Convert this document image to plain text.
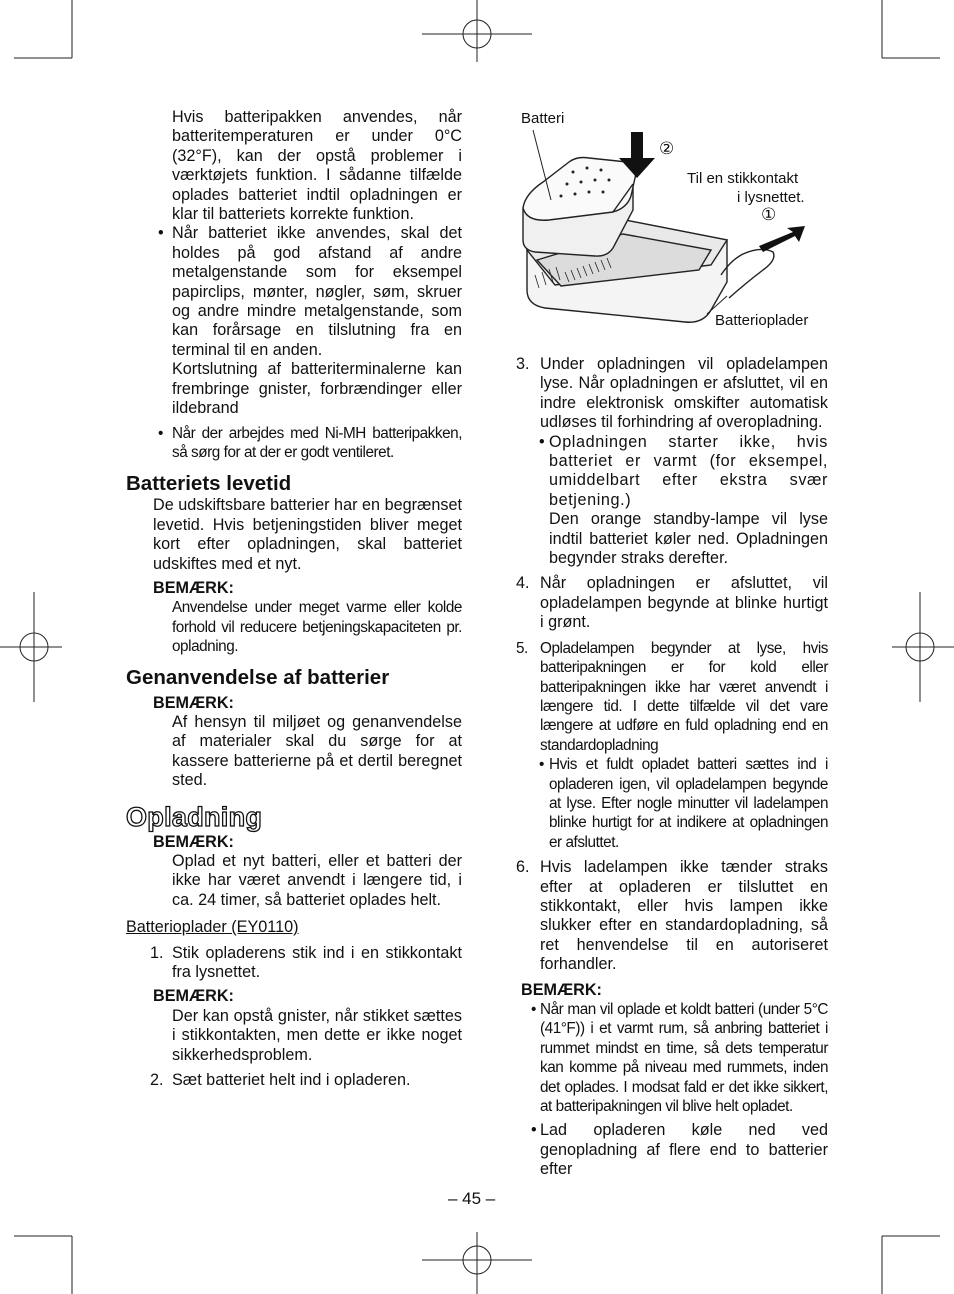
Hvis batteripakken anvendes, når batteritemperaturen er under 0°C (32°F), kan der opstå problemer i værktøjets funktion. I sådanne tilfælde oplades batteriet indtil opladningen er klar til batteriets korrekte funktion.

• Når batteriet ikke anvendes, skal det holdes på god afstand af andre metalgenstande som for eksempel papirclips, mønter, nøgler, søm, skruer og andre mindre metalgenstande, som kan forårsage en tilslutning fra en terminal til en anden.

Kortslutning af batteriterminalerne kan frembringe gnister, forbrændinger eller ildebrand

• Når der arbejdes med Ni-MH batteripakken, så sørg for at der er godt ventileret.

Batteriets levetid

De udskiftsbare batterier har en begrænset levetid. Hvis betjeningstiden bliver meget kort efter opladningen, skal batteriet udskiftes med et nyt.

BEMÆRK:

Anvendelse under meget varme eller kolde forhold vil reducere betjeningskapaciteten pr. opladning.

Genanvendelse af batterier
BEMÆRK:

Af hensyn til miljøet og genanvendelse af materialer skal du sørge for at kassere batterierne på et dertil beregnet sted.

Opladning
BEMÆRK:

Oplad et nyt batteri, eller et batteri der ikke har været anvendt i længere tid, i ca. 24 timer, så batteriet oplades helt.

Batterioplader (EY0110)

1. Stik opladerens stik ind i en stikkontakt fra lysnettet.

BEMÆRK:

Der kan opstå gnister, når stikket sættes i stikkontakten, men dette er ikke noget sikkerhedsproblem.

2. Sæt batteriet helt ind i opladeren.

Batteri
②
Til en stikkontakt
i lysnettet.
①
Batterioplader

3. Under opladningen vil opladelampen lyse. Når opladningen er afsluttet, vil en indre elektronisk omskifter automatisk udløses til forhindring af overopladning.

• Opladningen starter ikke, hvis batteriet er varmt (for eksempel, umiddelbart efter ekstra svær betjening.)

Den orange standby-lampe vil lyse indtil batteriet køler ned. Opladningen begynder straks derefter.

4. Når opladningen er afsluttet, vil opladelampen begynde at blinke hurtigt i grønt.

5. Opladelampen begynder at lyse, hvis batteripakningen er for kold eller batteripakningen ikke har været anvendt i længere tid. I dette tilfælde vil det vare længere at udføre en fuld opladning end en standardopladning

• Hvis et fuldt opladet batteri sættes ind i opladeren igen, vil opladelampen begynde at lyse. Efter nogle minutter vil ladelampen blinke hurtigt for at indikere at opladningen er afsluttet.

6. Hvis ladelampen ikke tænder straks efter at opladeren er tilsluttet en stikkontakt, eller hvis lampen ikke slukker efter en standardopladning, så ret henvendelse til en autoriseret forhandler.

BEMÆRK:

• Når man vil oplade et koldt batteri (under 5°C (41°F)) i et varmt rum, så anbring batteriet i rummet mindst en time, så dets temperatur kan komme på niveau med rummets, inden det oplades. I modsat fald er det ikke sikkert, at batteripakningen vil blive helt opladet.

• Lad opladeren køle ned ved genopladning af flere end to batterier efter

– 45 –
